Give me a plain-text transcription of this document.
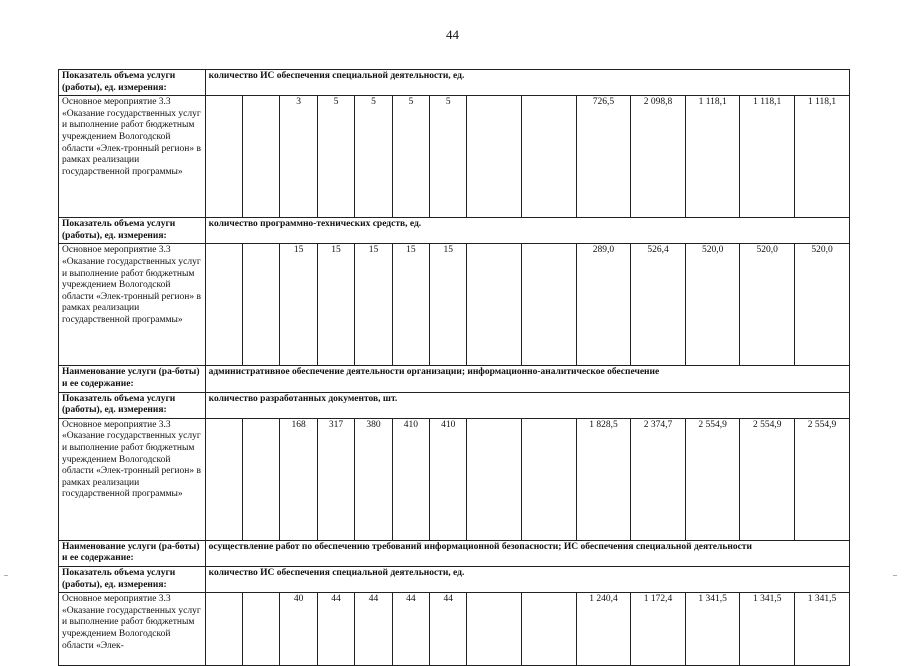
44
Показатель объема услуги (работы), ед. измерения:	количество ИС обеспечения специальной деятельности, ед.													
Основное мероприятие 3.3 «Оказание государственных услуг и выполнение работ бюджетным учреждением Вологодской области «Элек-тронный регион» в рамках реализации государственной программы»			3	5	5	5	5			726,5	2 098,8	1 118,1	1 118,1	1 118,1
Показатель объема услуги (работы), ед. измерения:	количество программно-технических средств, ед.													
Основное мероприятие 3.3 «Оказание государственных услуг и выполнение работ бюджетным учреждением Вологодской области «Элек-тронный регион» в рамках реализации государственной программы»			15	15	15	15	15			289,0	526,4	520,0	520,0	520,0
Наименование услуги (ра-боты) и ее содержание:	административное обеспечение деятельности организации; информационно-аналитическое обеспечение													
Показатель объема услуги (работы), ед. измерения:	количество разработанных документов, шт.													
Основное мероприятие 3.3 «Оказание государственных услуг и выполнение работ бюджетным учреждением Вологодской области «Элек-тронный регион» в рамках реализации государственной программы»			168	317	380	410	410			1 828,5	2 374,7	2 554,9	2 554,9	2 554,9
Наименование услуги (ра-боты) и ее содержание:	осуществление работ по обеспечению требований информационной безопасности; ИС обеспечения специальной деятельности													
Показатель объема услуги (работы), ед. измерения:	количество ИС обеспечения специальной деятельности, ед.													
Основное мероприятие 3.3 «Оказание государственных услуг и выполнение работ бюджетным учреждением Вологодской области «Элек-			40	44	44	44	44			1 240,4	1 172,4	1 341,5	1 341,5	1 341,5
–	–
